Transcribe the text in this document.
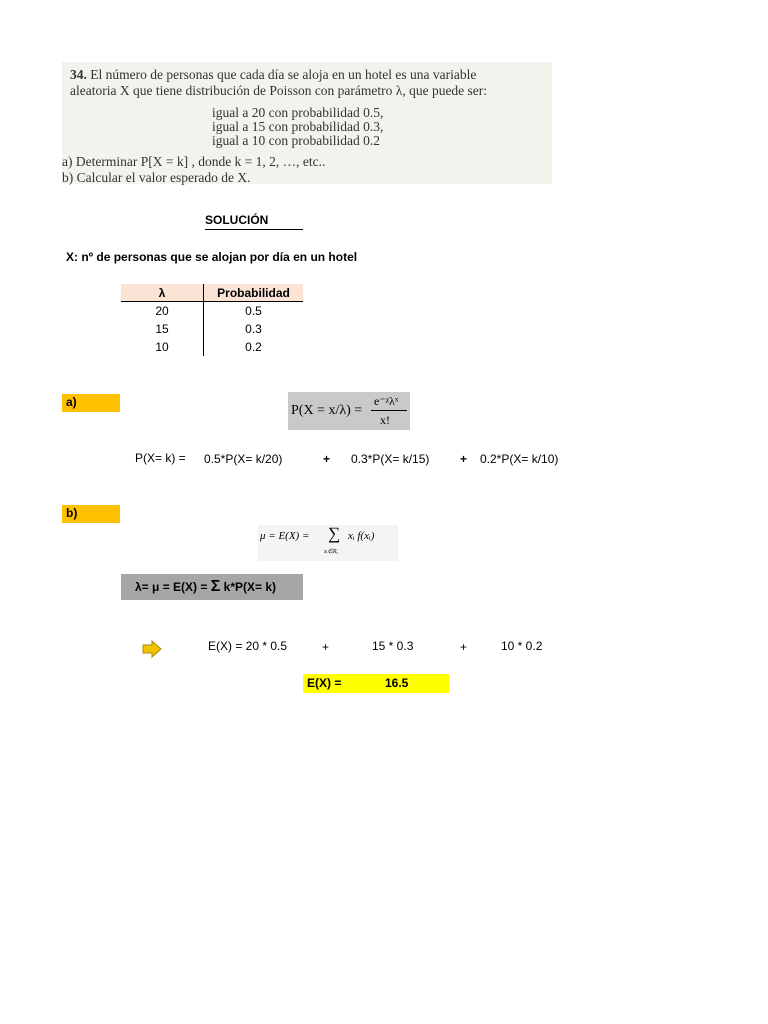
34. El número de personas que cada día se aloja en un hotel es una variable
aleatoria X que tiene distribución de Poisson con parámetro λ, que puede ser:
igual a 20 con probabilidad 0.5,
igual a 15 con probabilidad 0.3,
igual a 10 con probabilidad 0.2
a) Determinar P[X = k] , donde k = 1, 2, …, etc..
b) Calcular el valor esperado de X.
SOLUCIÓN
X: nº de personas que se alojan por día en un hotel
λ	Probabilidad
20	0.5
15	0.3
10	0.2
a)
P(X = x/λ) =
e⁻ᵡλˣ
x!
P(X= k) = 0.5*P(X= k/20)	+ 0.3*P(X= k/15)	+ 0.2*P(X= k/10)
b)
μ = E(X) = ∑
xᵢ∈Rₓ
xᵢ f(xᵢ)
λ= μ = E(X) = Σ k*P(X= k)
E(X) = 20 * 0.5	+	15 * 0.3	+	10 * 0.2
E(X) =	16.5
